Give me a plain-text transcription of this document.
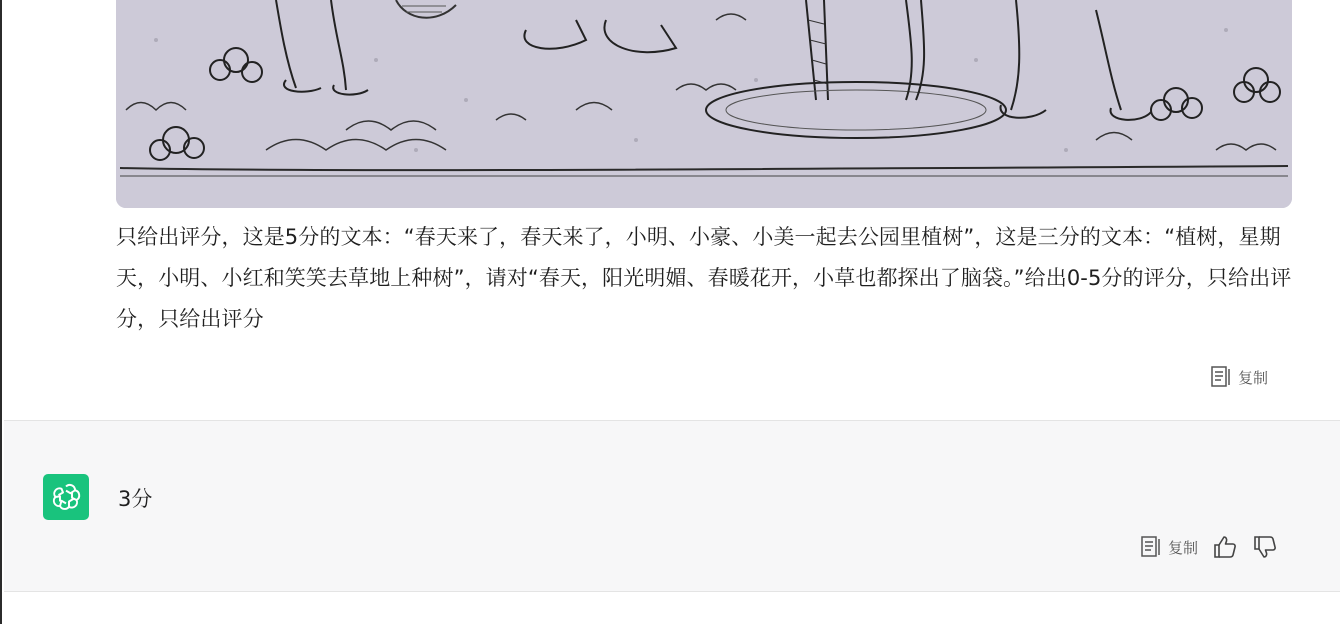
只给出评分，这是5分的文本：“春天来了，春天来了，小明、小豪、小美一起去公园里植树”，这是三分的文本：“植树，星期天，小明、小红和笑笑去草地上种树”，请对“春天，阳光明媚、春暖花开，小草也都探出了脑袋。”给出0-5分的评分，只给出评分，只给出评分
复制
3分
复制
